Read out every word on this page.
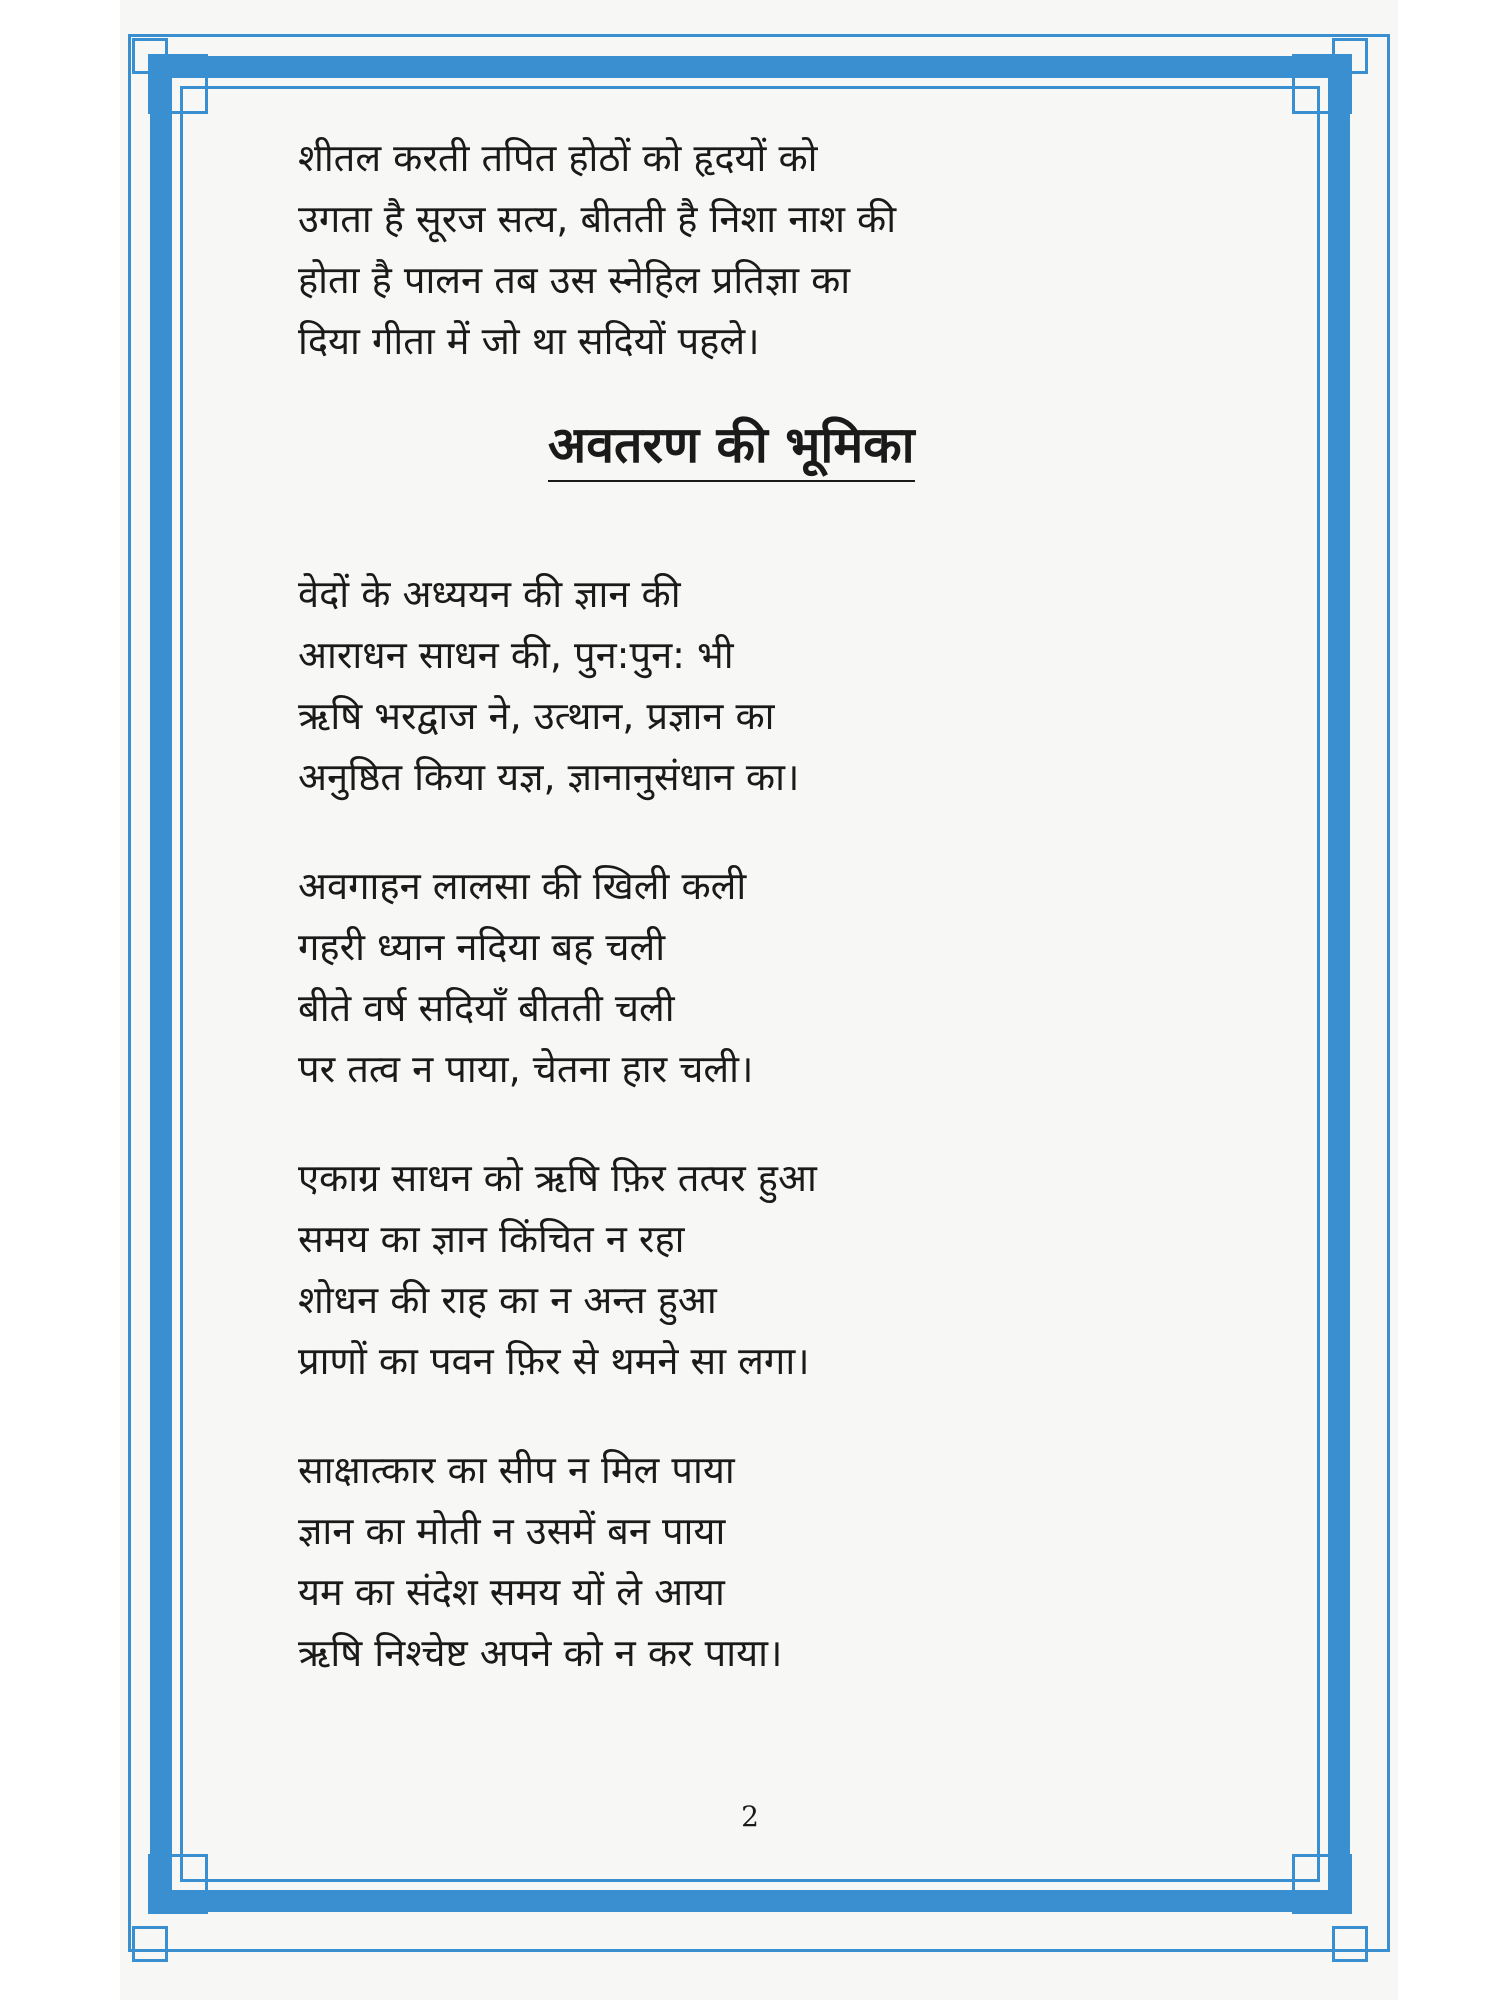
शीतल करती तपित होठों को हृदयों को
उगता है सूरज सत्य, बीतती है निशा नाश की
होता है पालन तब उस स्नेहिल प्रतिज्ञा का
दिया गीता में जो था सदियों पहले।
अवतरण की भूमिका
वेदों के अध्ययन की ज्ञान की
आराधन साधन की, पुन:पुन: भी
ऋषि भरद्वाज ने, उत्थान, प्रज्ञान का
अनुष्ठित किया यज्ञ, ज्ञानानुसंधान का।
अवगाहन लालसा की खिली कली
गहरी ध्यान नदिया बह चली
बीते वर्ष सदियाँ बीतती चली
पर तत्व न पाया, चेतना हार चली।
एकाग्र साधन को ऋषि फ़िर तत्पर हुआ
समय का ज्ञान किंचित न रहा
शोधन की राह का न अन्त हुआ
प्राणों का पवन फ़िर से थमने सा लगा।
साक्षात्कार का सीप न मिल पाया
ज्ञान का मोती न उसमें बन पाया
यम का संदेश समय यों ले आया
ऋषि निश्चेष्ट अपने को न कर पाया।
2
